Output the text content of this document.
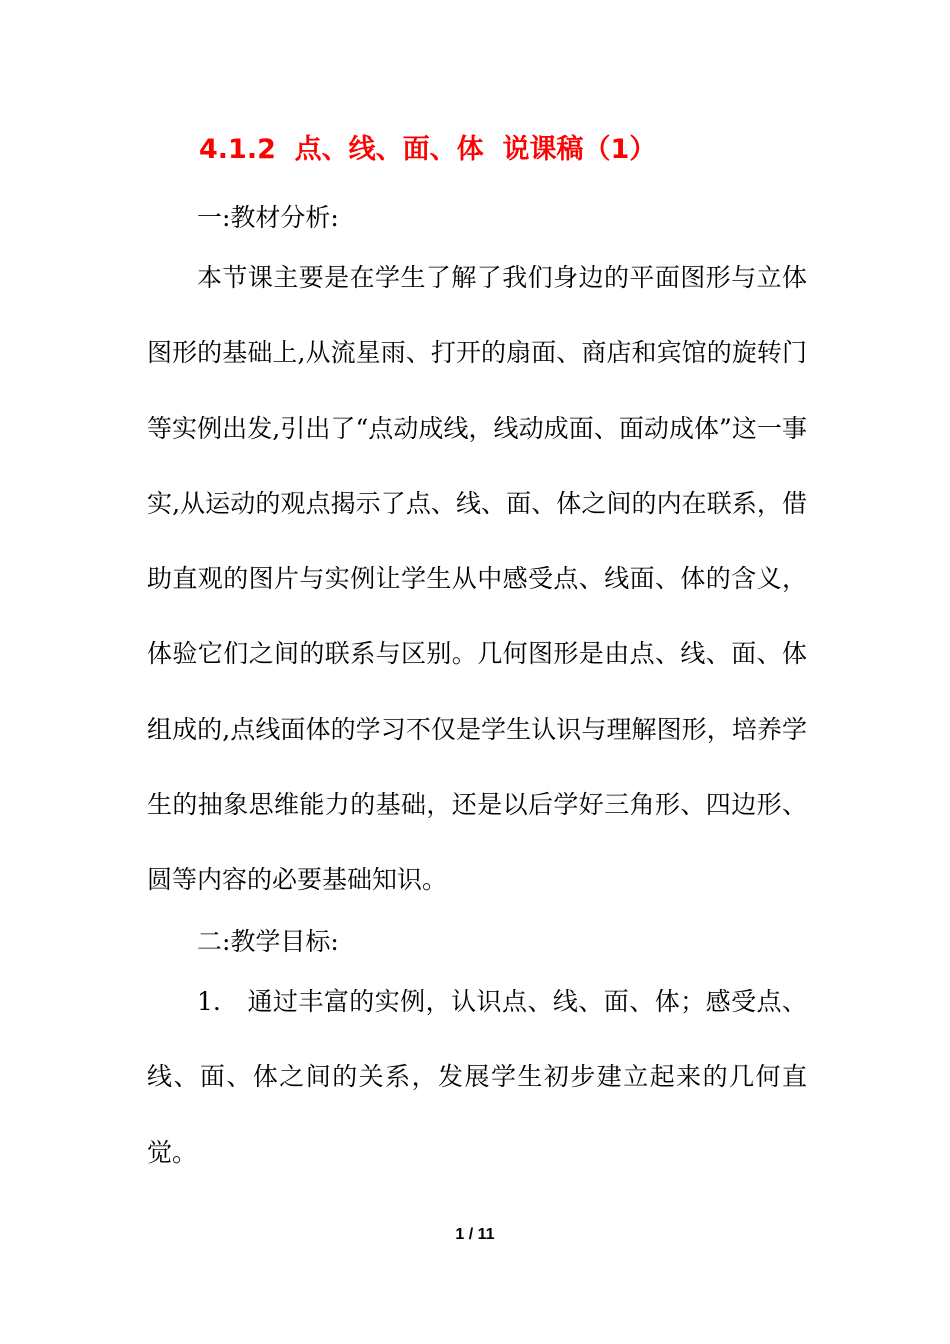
4.1.2  点、线、面、体  说课稿（1）
一:教材分析:
本节课主要是在学生了解了我们身边的平面图形与立体图形的基础上,从流星雨、打开的扇面、商店和宾馆的旋转门等实例出发,引出了“点动成线，线动成面、面动成体”这一事实,从运动的观点揭示了点、线、面、体之间的内在联系，借助直观的图片与实例让学生从中感受点、线面、体的含义，体验它们之间的联系与区别。几何图形是由点、线、面、体组成的,点线面体的学习不仅是学生认识与理解图形，培养学生的抽象思维能力的基础，还是以后学好三角形、四边形、圆等内容的必要基础知识。
二:教学目标:
1. 通过丰富的实例，认识点、线、面、体；感受点、线、面、体之间的关系，发展学生初步建立起来的几何直觉。
1 / 11
